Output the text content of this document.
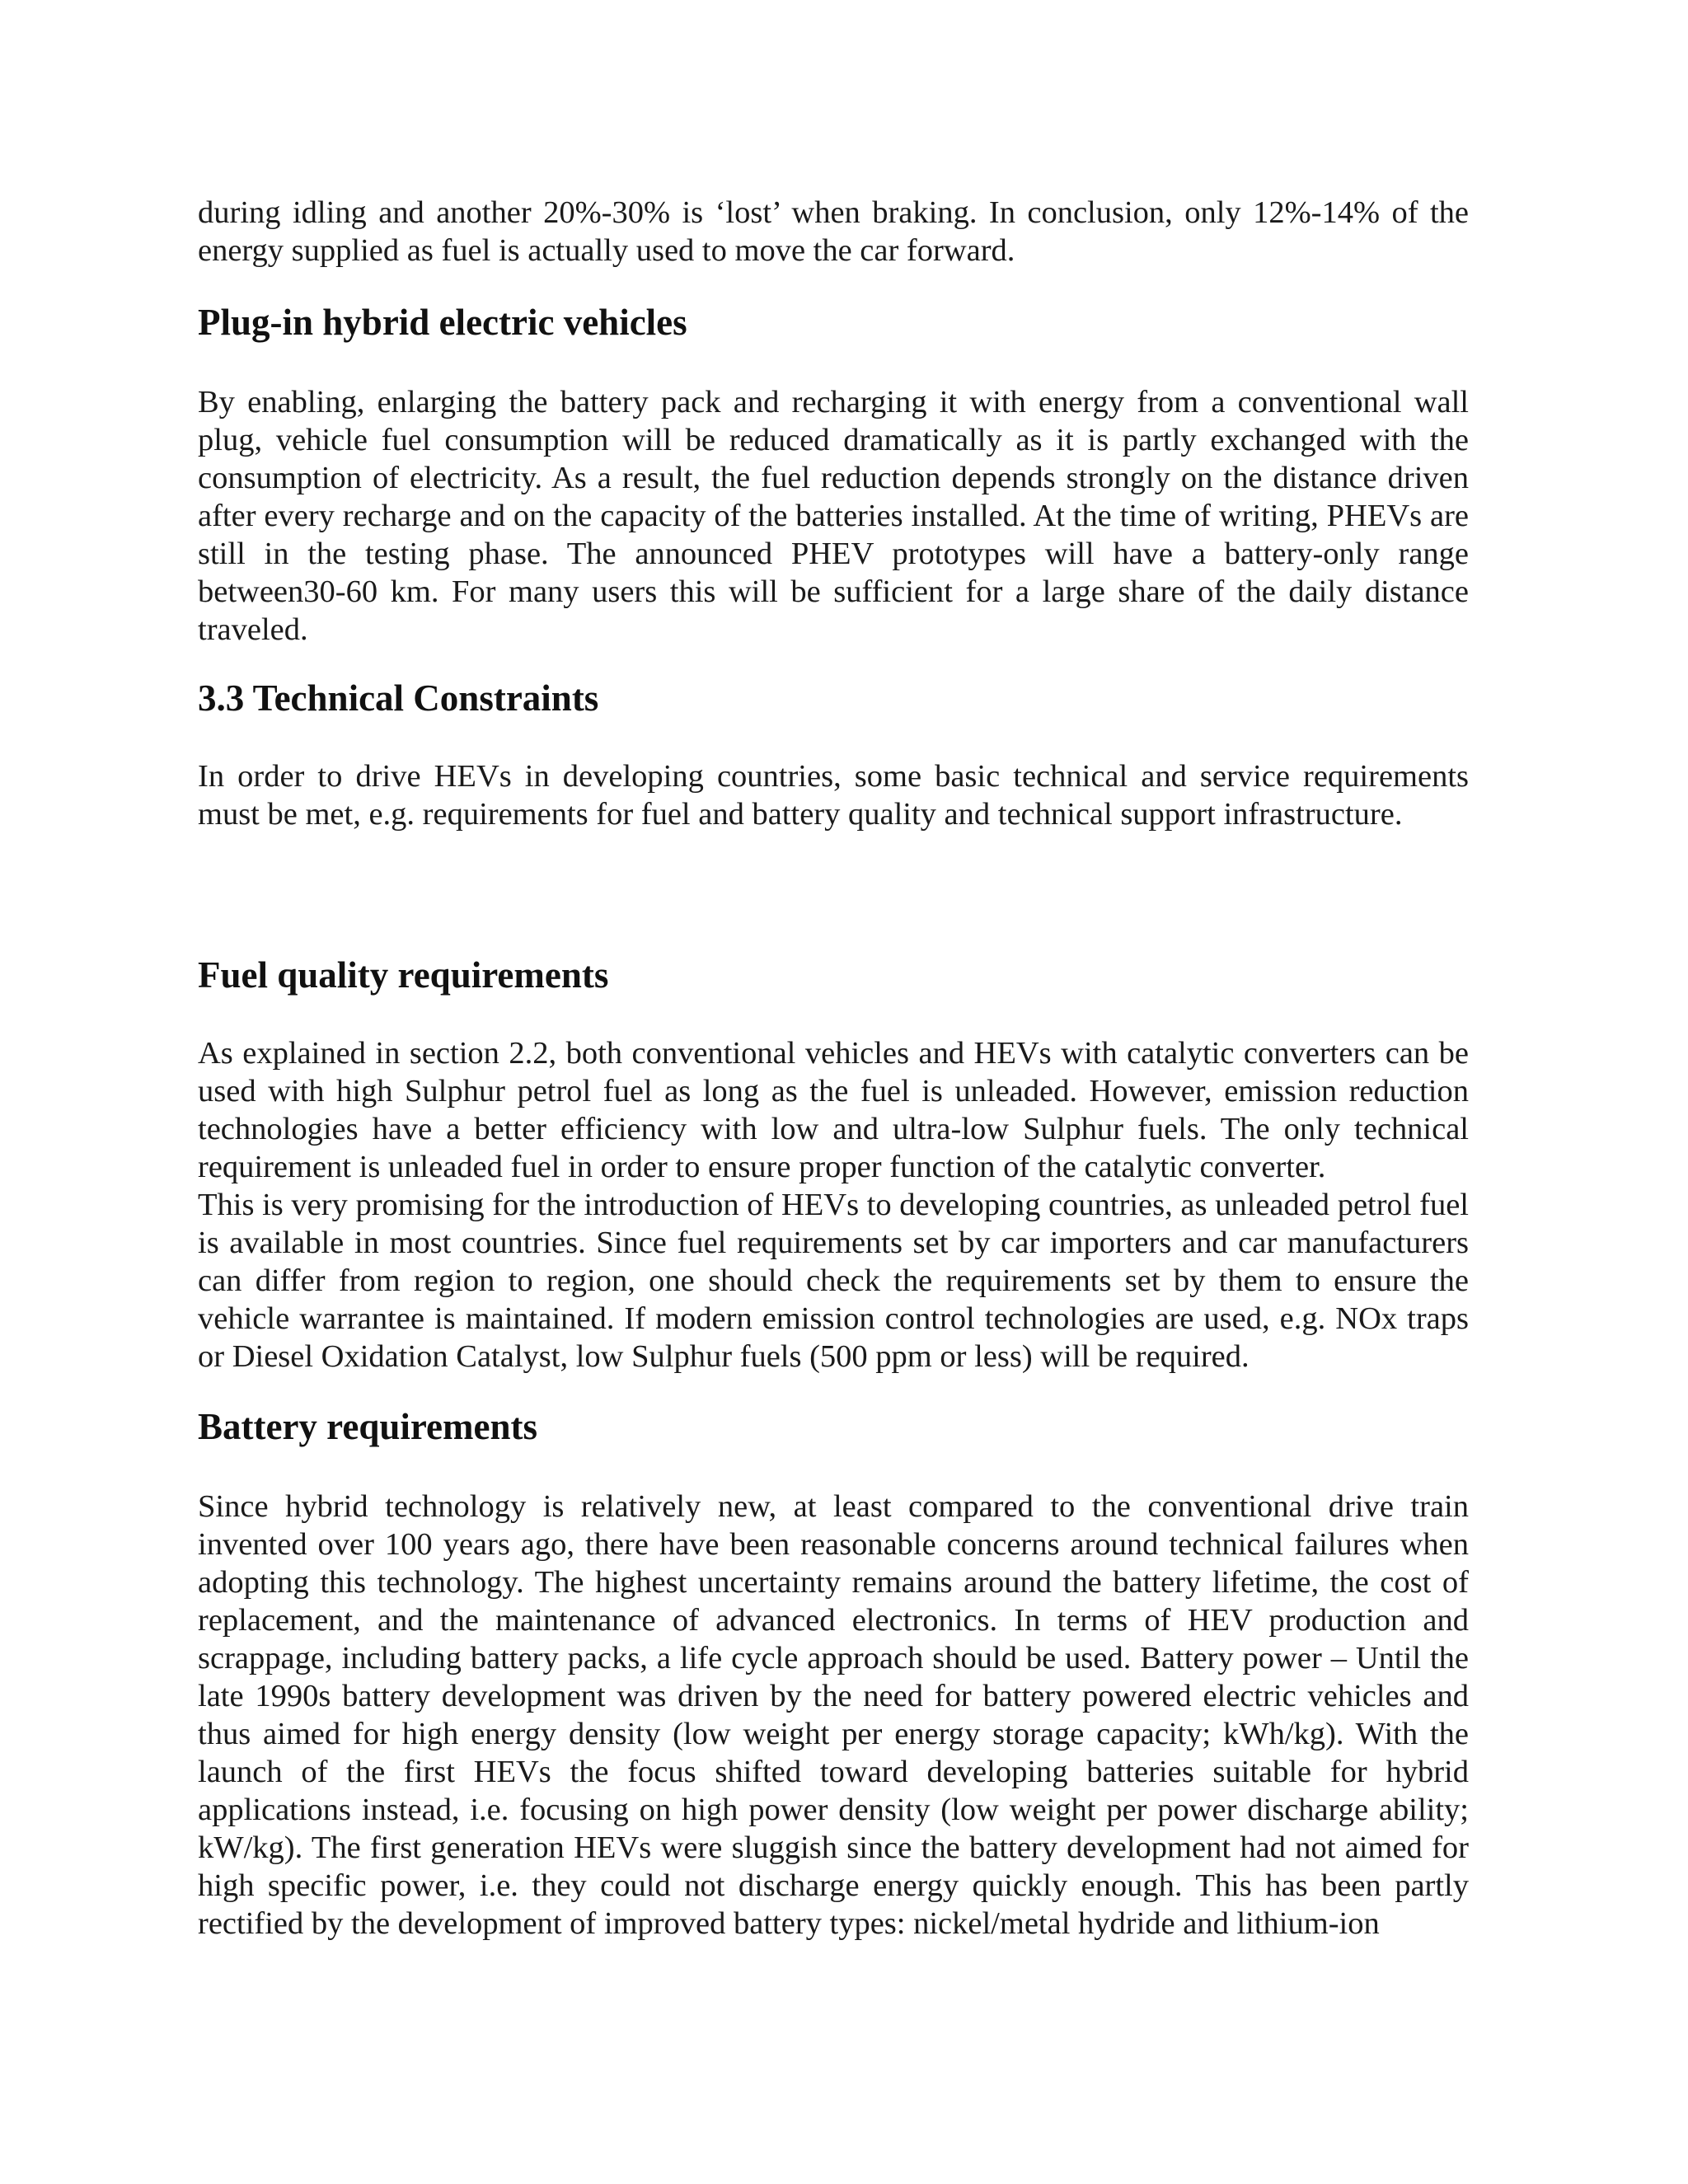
during idling and another 20%-30% is ‘lost’ when braking. In conclusion, only 12%-14% of the energy supplied as fuel is actually used to move the car forward.

Plug-in hybrid electric vehicles

By enabling, enlarging the battery pack and recharging it with energy from a conventional wall plug, vehicle fuel consumption will be reduced dramatically as it is partly exchanged with the consumption of electricity. As a result, the fuel reduction depends strongly on the distance driven after every recharge and on the capacity of the batteries installed. At the time of writing, PHEVs are still in the testing phase. The announced PHEV prototypes will have a battery-only range between30-60 km. For many users this will be sufficient for a large share of the daily distance traveled.

3.3 Technical Constraints

In order to drive HEVs in developing countries, some basic technical and service requirements must be met, e.g. requirements for fuel and battery quality and technical support infrastructure.

Fuel quality requirements

As explained in section 2.2, both conventional vehicles and HEVs with catalytic converters can be used with high Sulphur petrol fuel as long as the fuel is unleaded. However, emission reduction technologies have a better efficiency with low and ultra-low Sulphur fuels. The only technical requirement is unleaded fuel in order to ensure proper function of the catalytic converter.

This is very promising for the introduction of HEVs to developing countries, as unleaded petrol fuel is available in most countries. Since fuel requirements set by car importers and car manufacturers can differ from region to region, one should check the requirements set by them to ensure the vehicle warrantee is maintained. If modern emission control technologies are used, e.g. NOx traps or Diesel Oxidation Catalyst, low Sulphur fuels (500 ppm or less) will be required.

Battery requirements

Since hybrid technology is relatively new, at least compared to the conventional drive train invented over 100 years ago, there have been reasonable concerns around technical failures when adopting this technology. The highest uncertainty remains around the battery lifetime, the cost of replacement, and the maintenance of advanced electronics. In terms of HEV production and scrappage, including battery packs, a life cycle approach should be used. Battery power – Until the late 1990s battery development was driven by the need for battery powered electric vehicles and thus aimed for high energy density (low weight per energy storage capacity; kWh/kg). With the launch of the first HEVs the focus shifted toward developing batteries suitable for hybrid applications instead, i.e. focusing on high power density (low weight per power discharge ability; kW/kg). The first generation HEVs were sluggish since the battery development had not aimed for high specific power, i.e. they could not discharge energy quickly enough. This has been partly rectified by the development of improved battery types: nickel/metal hydride and lithium-ion
